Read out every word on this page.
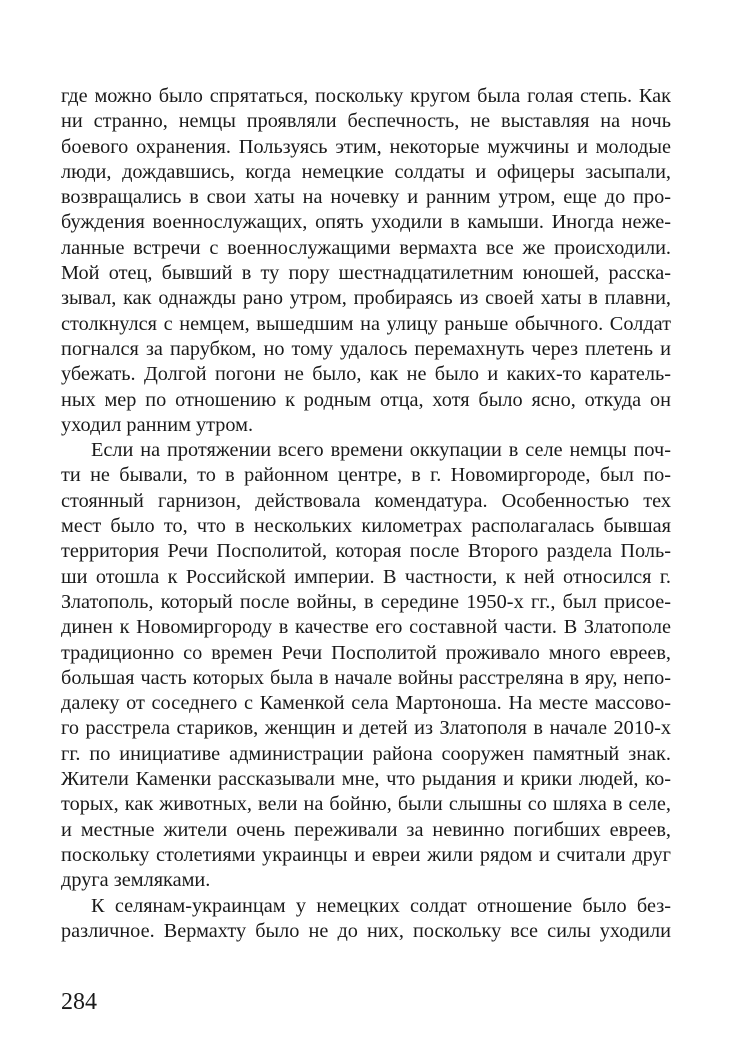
где можно было спрятаться, поскольку кругом была голая степь. Как
ни странно, немцы проявляли беспечность, не выставляя на ночь
боевого охранения. Пользуясь этим, некоторые мужчины и молодые
люди, дождавшись, когда немецкие солдаты и офицеры засыпали,
возвращались в свои хаты на ночевку и ранним утром, еще до про-
буждения военнослужащих, опять уходили в камыши. Иногда неже-
ланные встречи с военнослужащими вермахта все же происходили.
Мой отец, бывший в ту пору шестнадцатилетним юношей, расска-
зывал, как однажды рано утром, пробираясь из своей хаты в плавни,
столкнулся с немцем, вышедшим на улицу раньше обычного. Солдат
погнался за парубком, но тому удалось перемахнуть через плетень и
убежать. Долгой погони не было, как не было и каких-то каратель-
ных мер по отношению к родным отца, хотя было ясно, откуда он
уходил ранним утром.
Если на протяжении всего времени оккупации в селе немцы поч-
ти не бывали, то в районном центре, в г. Новомиргороде, был по-
стоянный гарнизон, действовала комендатура. Особенностью тех
мест было то, что в нескольких километрах располагалась бывшая
территория Речи Посполитой, которая после Второго раздела Поль-
ши отошла к Российской империи. В частности, к ней относился г.
Златополь, который после войны, в середине 1950-х гг., был присое-
динен к Новомиргороду в качестве его составной части. В Златополе
традиционно со времен Речи Посполитой проживало много евреев,
большая часть которых была в начале войны расстреляна в яру, непо-
далеку от соседнего с Каменкой села Мартоноша. На месте массово-
го расстрела стариков, женщин и детей из Златополя в начале 2010-х
гг. по инициативе администрации района сооружен памятный знак.
Жители Каменки рассказывали мне, что рыдания и крики людей, ко-
торых, как животных, вели на бойню, были слышны со шляха в селе,
и местные жители очень переживали за невинно погибших евреев,
поскольку столетиями украинцы и евреи жили рядом и считали друг
друга земляками.
К селянам-украинцам у немецких солдат отношение было без-
различное. Вермахту было не до них, поскольку все силы уходили
284
